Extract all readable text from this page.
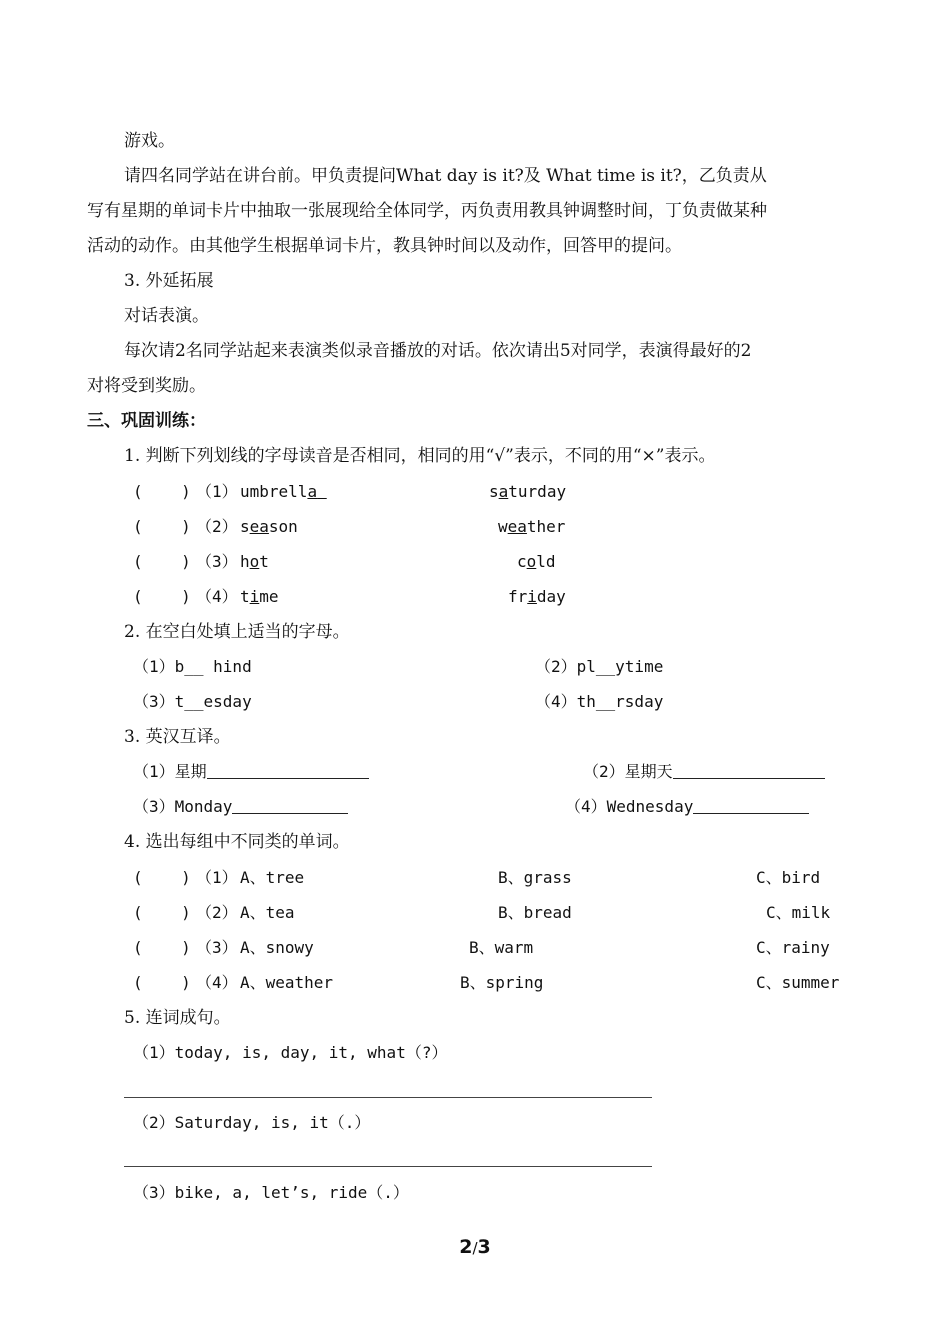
游戏。
请四名同学站在讲台前。甲负责提问What day is it?及 What time is it?，乙负责从
写有星期的单词卡片中抽取一张展现给全体同学，丙负责用教具钟调整时间，丁负责做某种
活动的动作。由其他学生根据单词卡片，教具钟时间以及动作，回答甲的提问。
3. 外延拓展
对话表演。
每次请2名同学站起来表演类似录音播放的对话。依次请出5对同学，表演得最好的2
对将受到奖励。
三、巩固训练：
1. 判断下列划线的字母读音是否相同，相同的用“√”表示，不同的用“×”表示。
(    ) （1） umbrella	saturday
(    ) （2） season	weather
(    ) （3） hot	cold
(    ) （4） time	friday
2. 在空白处填上适当的字母。
（1）b__ hind	（2）pl__ytime
（3）t__esday	（4）th__rsday
3. 英汉互译。
（1）星期	（2）星期天
（3）Monday	（4）Wednesday
4. 选出每组中不同类的单词。
(    ) （1） A、tree	B、grass	C、bird
(    ) （2） A、tea	B、bread	C、milk
(    ) （3） A、snowy	B、warm	C、rainy
(    ) （4） A、weather	B、spring	C、summer
5. 连词成句。
（1）today, is, day, it, what（?）
（2）Saturday, is, it（.）
（3）bike, a, let’s, ride（.）
2/3
